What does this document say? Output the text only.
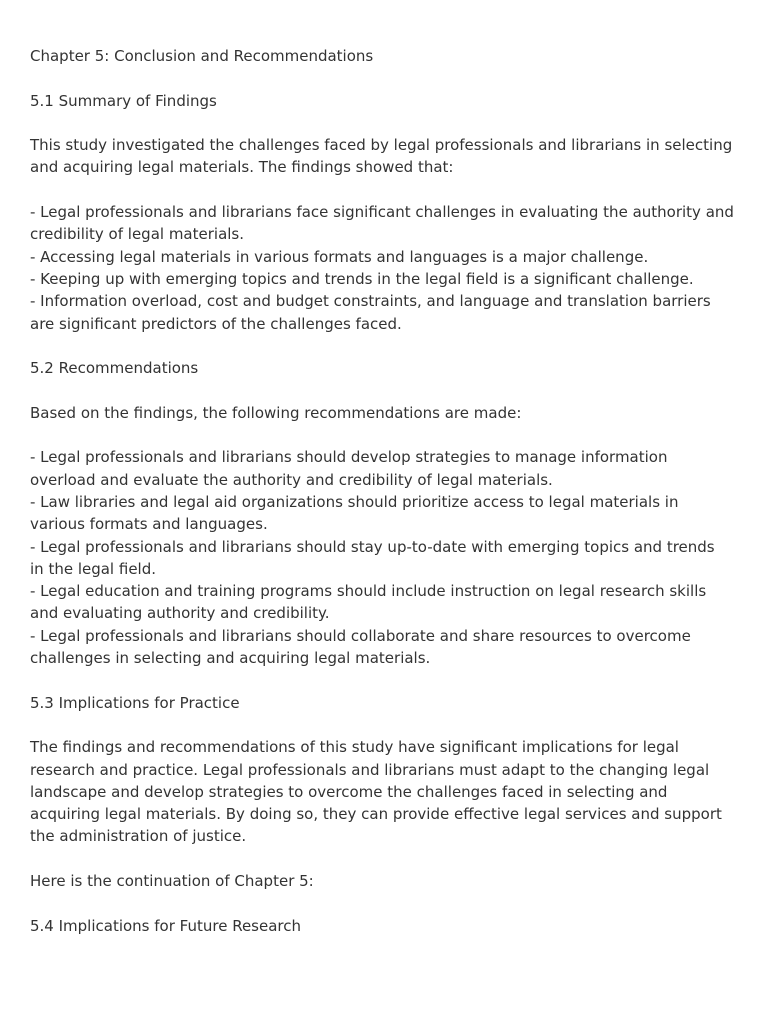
Chapter 5: Conclusion and Recommendations

5.1 Summary of Findings

This study investigated the challenges faced by legal professionals and librarians in selecting
and acquiring legal materials. The findings showed that:

- Legal professionals and librarians face significant challenges in evaluating the authority and
credibility of legal materials.
- Accessing legal materials in various formats and languages is a major challenge.
- Keeping up with emerging topics and trends in the legal field is a significant challenge.
- Information overload, cost and budget constraints, and language and translation barriers
are significant predictors of the challenges faced.

5.2 Recommendations

Based on the findings, the following recommendations are made:

- Legal professionals and librarians should develop strategies to manage information
overload and evaluate the authority and credibility of legal materials.
- Law libraries and legal aid organizations should prioritize access to legal materials in
various formats and languages.
- Legal professionals and librarians should stay up-to-date with emerging topics and trends
in the legal field.
- Legal education and training programs should include instruction on legal research skills
and evaluating authority and credibility.
- Legal professionals and librarians should collaborate and share resources to overcome
challenges in selecting and acquiring legal materials.

5.3 Implications for Practice

The findings and recommendations of this study have significant implications for legal
research and practice. Legal professionals and librarians must adapt to the changing legal
landscape and develop strategies to overcome the challenges faced in selecting and
acquiring legal materials. By doing so, they can provide effective legal services and support
the administration of justice.

Here is the continuation of Chapter 5:

5.4 Implications for Future Research
